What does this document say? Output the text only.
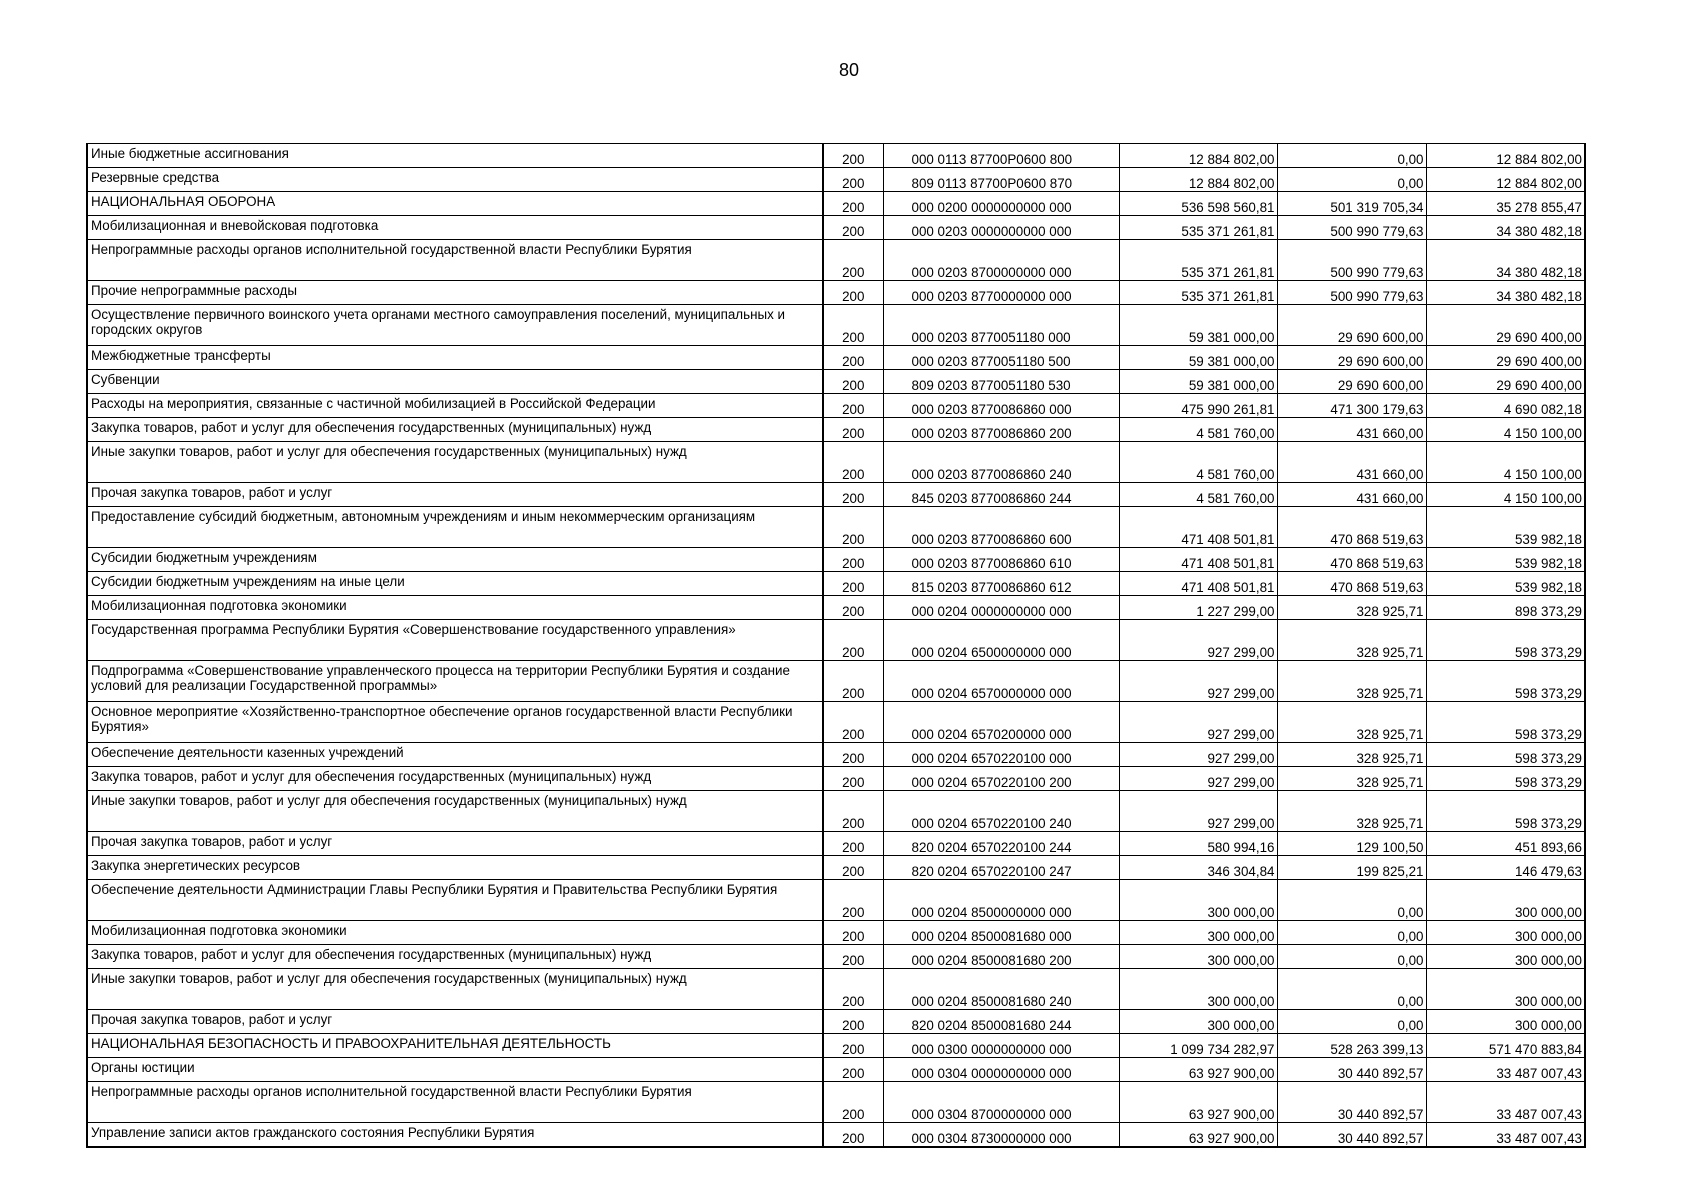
80
Иные бюджетные ассигнования	200	000 0113 87700P0600 800	12 884 802,00	0,00	12 884 802,00
Резервные средства	200	809 0113 87700P0600 870	12 884 802,00	0,00	12 884 802,00
НАЦИОНАЛЬНАЯ ОБОРОНА	200	000 0200 0000000000 000	536 598 560,81	501 319 705,34	35 278 855,47
Мобилизационная и вневойсковая подготовка	200	000 0203 0000000000 000	535 371 261,81	500 990 779,63	34 380 482,18
Непрограммные расходы органов исполнительной государственной власти Республики Бурятия	200	000 0203 8700000000 000	535 371 261,81	500 990 779,63	34 380 482,18
Прочие непрограммные расходы	200	000 0203 8770000000 000	535 371 261,81	500 990 779,63	34 380 482,18
Осуществление первичного воинского учета органами местного самоуправления поселений, муниципальных и городских округов	200	000 0203 8770051180 000	59 381 000,00	29 690 600,00	29 690 400,00
Межбюджетные трансферты	200	000 0203 8770051180 500	59 381 000,00	29 690 600,00	29 690 400,00
Субвенции	200	809 0203 8770051180 530	59 381 000,00	29 690 600,00	29 690 400,00
Расходы на мероприятия, связанные с частичной мобилизацией в Российской Федерации	200	000 0203 8770086860 000	475 990 261,81	471 300 179,63	4 690 082,18
Закупка товаров, работ и услуг для обеспечения государственных (муниципальных) нужд	200	000 0203 8770086860 200	4 581 760,00	431 660,00	4 150 100,00
Иные закупки товаров, работ и услуг для обеспечения государственных (муниципальных) нужд	200	000 0203 8770086860 240	4 581 760,00	431 660,00	4 150 100,00
Прочая закупка товаров, работ и услуг	200	845 0203 8770086860 244	4 581 760,00	431 660,00	4 150 100,00
Предоставление субсидий бюджетным, автономным учреждениям и иным некоммерческим организациям	200	000 0203 8770086860 600	471 408 501,81	470 868 519,63	539 982,18
Субсидии бюджетным учреждениям	200	000 0203 8770086860 610	471 408 501,81	470 868 519,63	539 982,18
Субсидии бюджетным учреждениям на иные цели	200	815 0203 8770086860 612	471 408 501,81	470 868 519,63	539 982,18
Мобилизационная подготовка экономики	200	000 0204 0000000000 000	1 227 299,00	328 925,71	898 373,29
Государственная программа Республики Бурятия «Совершенствование государственного управления»	200	000 0204 6500000000 000	927 299,00	328 925,71	598 373,29
Подпрограмма «Совершенствование управленческого процесса на территории Республики Бурятия и создание условий для реализации Государственной программы»	200	000 0204 6570000000 000	927 299,00	328 925,71	598 373,29
Основное мероприятие «Хозяйственно-транспортное обеспечение органов государственной власти Республики Бурятия»	200	000 0204 6570200000 000	927 299,00	328 925,71	598 373,29
Обеспечение деятельности казенных учреждений	200	000 0204 6570220100 000	927 299,00	328 925,71	598 373,29
Закупка товаров, работ и услуг для обеспечения государственных (муниципальных) нужд	200	000 0204 6570220100 200	927 299,00	328 925,71	598 373,29
Иные закупки товаров, работ и услуг для обеспечения государственных (муниципальных) нужд	200	000 0204 6570220100 240	927 299,00	328 925,71	598 373,29
Прочая закупка товаров, работ и услуг	200	820 0204 6570220100 244	580 994,16	129 100,50	451 893,66
Закупка энергетических ресурсов	200	820 0204 6570220100 247	346 304,84	199 825,21	146 479,63
Обеспечение деятельности Администрации Главы Республики Бурятия и Правительства Республики Бурятия	200	000 0204 8500000000 000	300 000,00	0,00	300 000,00
Мобилизационная подготовка экономики	200	000 0204 8500081680 000	300 000,00	0,00	300 000,00
Закупка товаров, работ и услуг для обеспечения государственных (муниципальных) нужд	200	000 0204 8500081680 200	300 000,00	0,00	300 000,00
Иные закупки товаров, работ и услуг для обеспечения государственных (муниципальных) нужд	200	000 0204 8500081680 240	300 000,00	0,00	300 000,00
Прочая закупка товаров, работ и услуг	200	820 0204 8500081680 244	300 000,00	0,00	300 000,00
НАЦИОНАЛЬНАЯ БЕЗОПАСНОСТЬ И ПРАВООХРАНИТЕЛЬНАЯ ДЕЯТЕЛЬНОСТЬ	200	000 0300 0000000000 000	1 099 734 282,97	528 263 399,13	571 470 883,84
Органы юстиции	200	000 0304 0000000000 000	63 927 900,00	30 440 892,57	33 487 007,43
Непрограммные расходы органов исполнительной государственной власти Республики Бурятия	200	000 0304 8700000000 000	63 927 900,00	30 440 892,57	33 487 007,43
Управление записи актов гражданского состояния Республики Бурятия	200	000 0304 8730000000 000	63 927 900,00	30 440 892,57	33 487 007,43
